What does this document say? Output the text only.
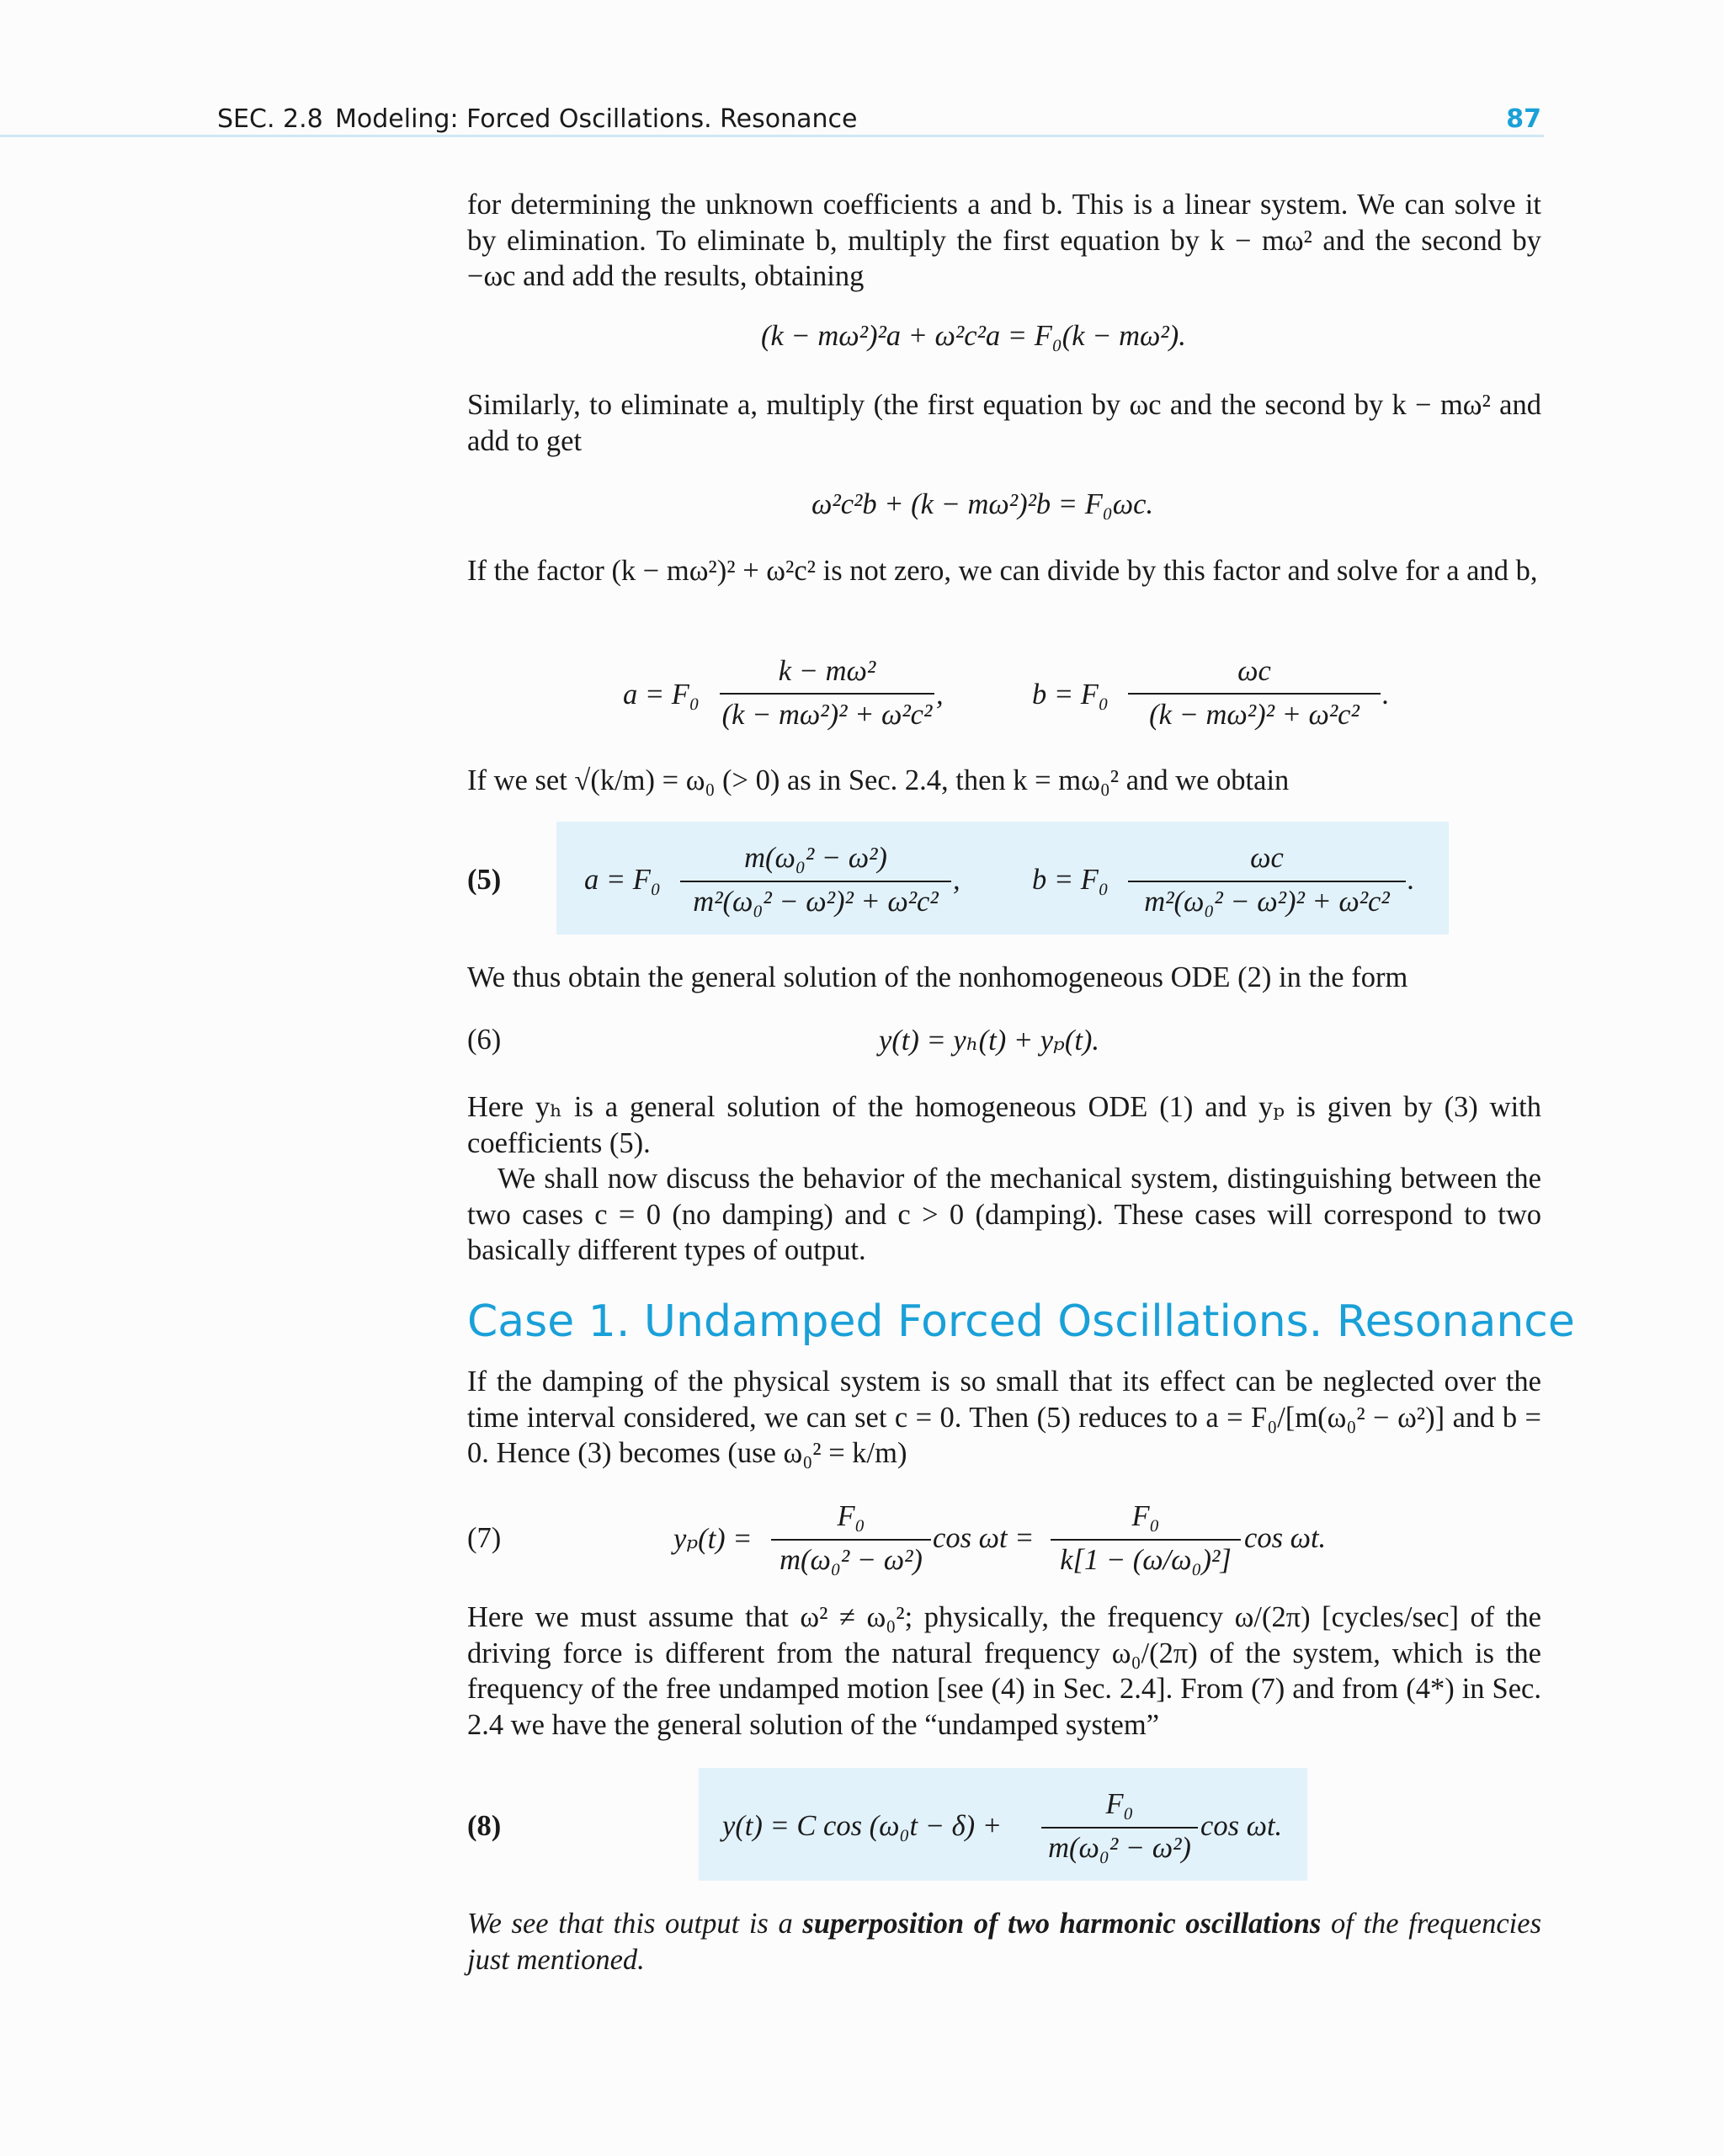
SEC. 2.8 Modeling: Forced Oscillations. Resonance	87
for determining the unknown coefficients a and b. This is a linear system. We can solve it by elimination. To eliminate b, multiply the first equation by k − mω² and the second by −ωc and add the results, obtaining
(k − mω²)²a + ω²c²a = F₀(k − mω²).
Similarly, to eliminate a, multiply (the first equation by ωc and the second by k − mω² and add to get
ω²c²b + (k − mω²)²b = F₀ωc.
If the factor (k − mω²)² + ω²c² is not zero, we can divide by this factor and solve for a and b,
a = F₀
k − mω²
(k − mω²)² + ω²c²
,	b = F₀
ωc
(k − mω²)² + ω²c²
.
If we set √(k/m) = ω₀ (> 0) as in Sec. 2.4, then k = mω₀² and we obtain
(5)	a = F₀
m(ω₀² − ω²)
m²(ω₀² − ω²)² + ω²c²
, b = F₀
ωc
m²(ω₀² − ω²)² + ω²c²
.
We thus obtain the general solution of the nonhomogeneous ODE (2) in the form
(6)	y(t) = yₕ(t) + yₚ(t).
Here yₕ is a general solution of the homogeneous ODE (1) and yₚ is given by (3) with coefficients (5).
We shall now discuss the behavior of the mechanical system, distinguishing between the two cases c = 0 (no damping) and c > 0 (damping). These cases will correspond to two basically different types of output.
Case 1. Undamped Forced Oscillations. Resonance
If the damping of the physical system is so small that its effect can be neglected over the time interval considered, we can set c = 0. Then (5) reduces to a = F₀/[m(ω₀² − ω²)] and b = 0. Hence (3) becomes (use ω₀² = k/m)
(7)	yₚ(t) =
F₀
m(ω₀² − ω²)
cos ωt =
F₀
k[1 − (ω/ω₀)²]
cos ωt.
Here we must assume that ω² ≠ ω₀²; physically, the frequency ω/(2π) [cycles/sec] of the driving force is different from the natural frequency ω₀/(2π) of the system, which is the frequency of the free undamped motion [see (4) in Sec. 2.4]. From (7) and from (4*) in Sec. 2.4 we have the general solution of the “undamped system”
(8)	y(t) = C cos (ω₀t − δ) +
F₀
m(ω₀² − ω²)
cos ωt.
We see that this output is a superposition of two harmonic oscillations of the frequencies just mentioned.
